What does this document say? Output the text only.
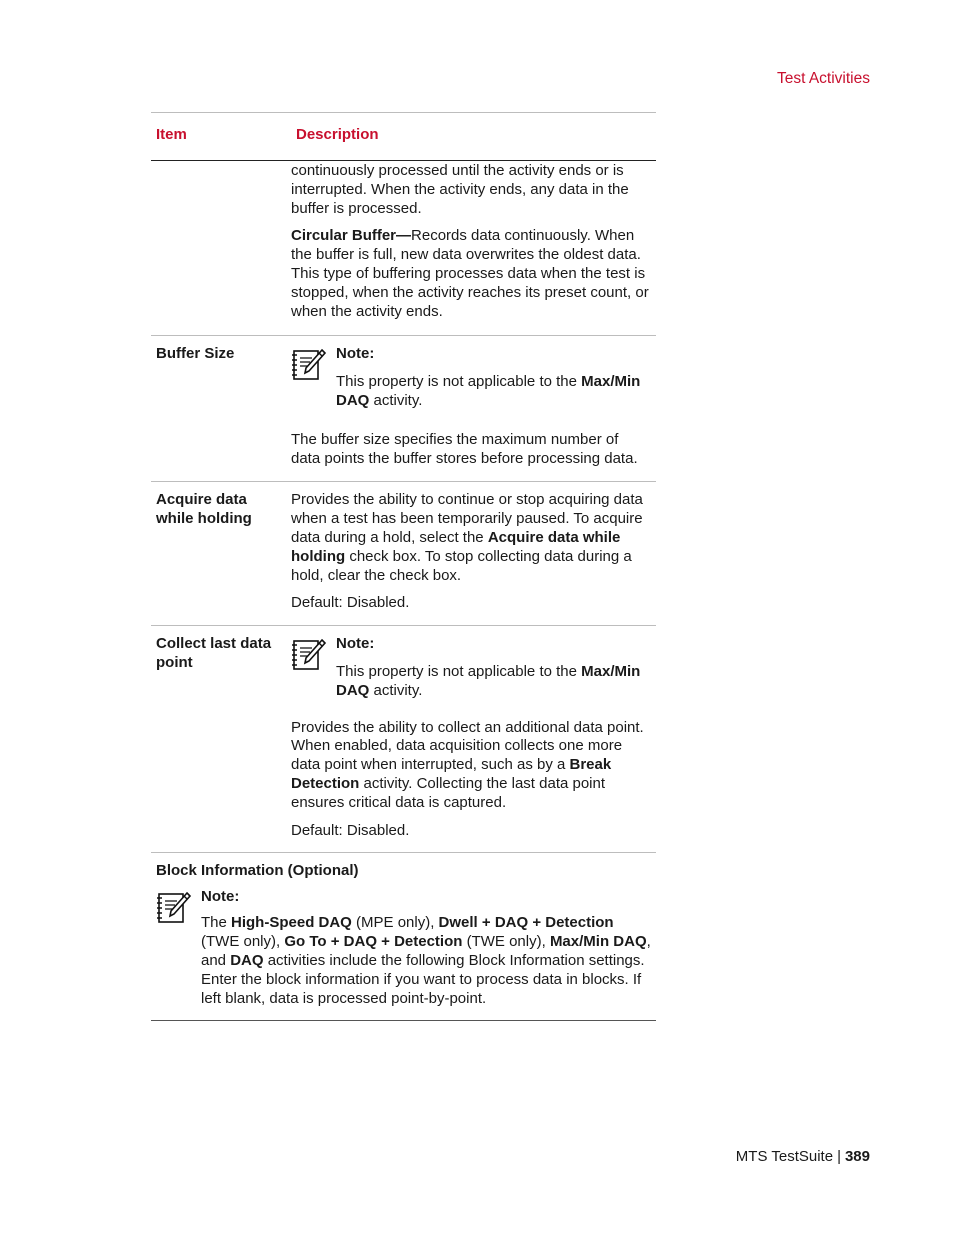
Test Activities
Item	Description

continuously processed until the activity ends or is interrupted. When the activity ends, any data in the buffer is processed.

Circular Buffer—Records data continuously. When the buffer is full, new data overwrites the oldest data. This type of buffering processes data when the test is stopped, when the activity reaches its preset count, or when the activity ends.

Buffer Size	Note:
This property is not applicable to the Max/Min DAQ activity.

The buffer size specifies the maximum number of data points the buffer stores before processing data.

Acquire data while holding

Provides the ability to continue or stop acquiring data when a test has been temporarily paused. To acquire data during a hold, select the Acquire data while holding check box. To stop collecting data during a hold, clear the check box.

Default: Disabled.

Collect last data point
Note:
This property is not applicable to the Max/Min DAQ activity.

Provides the ability to collect an additional data point. When enabled, data acquisition collects one more data point when interrupted, such as by a Break Detection activity. Collecting the last data point ensures critical data is captured.

Default: Disabled.

Block Information (Optional)
Note:
The High-Speed DAQ (MPE only), Dwell + DAQ + Detection (TWE only), Go To + DAQ + Detection (TWE only), Max/Min DAQ, and DAQ activities include the following Block Information settings. Enter the block information if you want to process data in blocks. If left blank, data is processed point-by-point.
MTS TestSuite | 389
